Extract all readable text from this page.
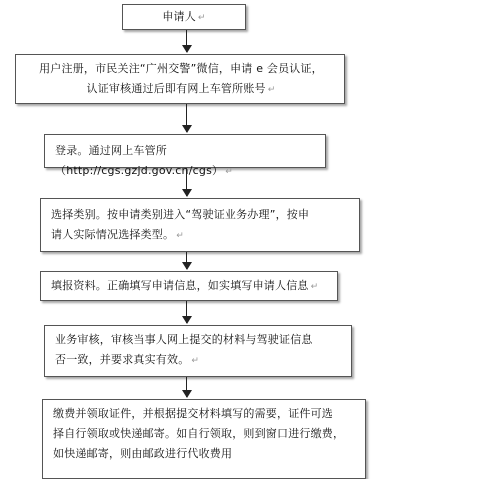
申请人 ↵
用户注册，市民关注“广州交警”微信，申请 e 会员认证，
认证审核通过后即有网上车管所账号 ↵
登录。通过网上车管所（http://cgs.gzjd.gov.cn/cgs） ↵
选择类别。按申请类别进入“驾驶证业务办理”，按申
请人实际情况选择类型。 ↵
填报资料。正确填写申请信息，如实填写申请人信息 ↵
业务审核，审核当事人网上提交的材料与驾驶证信息
否一致，并要求真实有效。 ↵
缴费并领取证件，并根据提交材料填写的需要，证件可选
择自行领取或快递邮寄。如自行领取，则到窗口进行缴费，
如快递邮寄，则由邮政进行代收费用
